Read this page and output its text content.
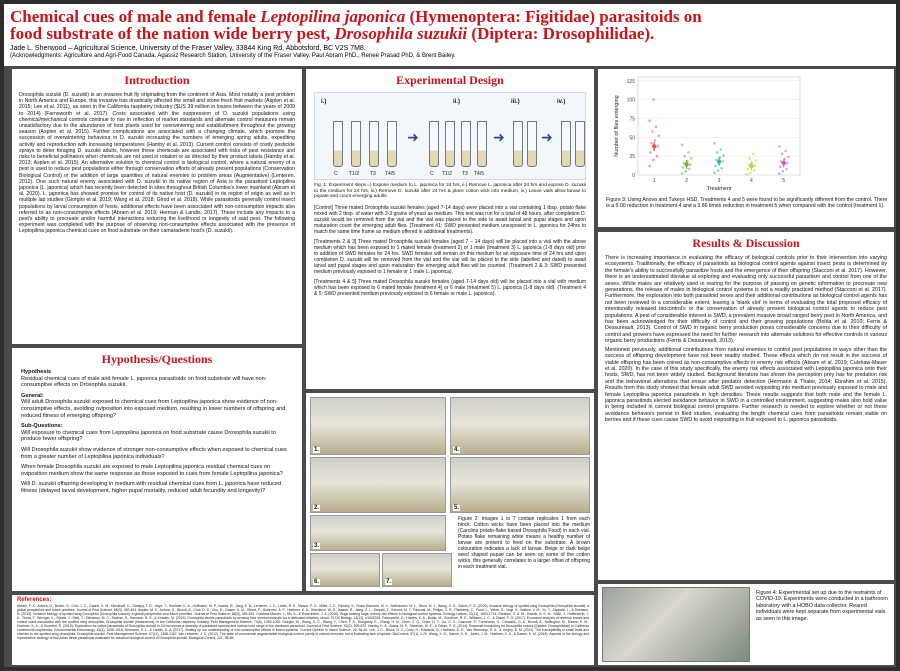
Chemical cues of male and female Leptopilina japonica (Hymenoptera: Figitidae) parasitoids on
food substrate of the nation wide berry pest, Drosophila suzukii (Diptera: Drosophilidae).
Jade L. Sherwood – Agricultural Science, University of the Fraser Valley, 33844 King Rd, Abbotsford, BC V2S 7M8.
(Acknowledgments: Agriculture and Agri-Food Canada, Agassiz Research Station, University of the Fraser Valley, Paul Abram PhD., Renee Prasad PhD, & Brent Bailey.
Introduction

Drosophila suzukii (D. suzukii) is an invasive fruit fly originating from the continent of Asia. Most notably a pest problem in North America and Europe, this invasive has drastically affected the small and stone fresh fruit markets (Asplen et al. 2015; Lee et al. 2011), as seen in the California raspberry industry ($US 39 million in losses between the years of 2009 to 2014) (Farnsworth et al. 2017). Costs associated with the suppression of D. suzukii populations using chemical/mechanical controls continue to rise in reflection of market standards and alternate control measures remain unsatisfactory due to the abundance of host plants used for overwintering and establishment throughout the growing season (Asplen et al. 2015). Further complications are associated with a changing climate, which promote the succession of overwintering behaviour in D. suzukii increasing the numbers of emerging spring adults, expediting activity and reproduction with increasing temperatures (Hamby et al. 2013). Current control consists of costly pesticide sprays to deter foraging D. suzukii adults, however these chemicals are associated with risks of pest resistance and risks to beneficial pollinators when chemicals are not used in rotation or as directed by their product labels (Hamby et al. 2013; Asplen et al. 2015). An alternative solution to chemical control is biological control, where a natural enemy of a pest is used to reduce pest populations either through conservation efforts of already present populations (Conservation Biological Control) or the addition of large quantities of natural enemies to problem areas (Augmentative) (Lenteren. 2012). One such natural enemy associated with D. suzukii in its native region of Asia is the parasitoid Leptopilina japonica (L. japonica) which has recently been detected in sites throughout British Columbia's lower mainland (Abram et al. 2020). L. japonica has showed promise for control of its native host (D. suzukii) in its region of origin as well as in multiple lab studies (Giorgini et al. 2019; Wang et al. 2018; Girod et al. 2018). While parasitoids generally control insect populations by larval consumption of hosts, additional effects have been associated with non-consumption impacts also referred to as non-consumptive effects (Abram et al. 2019; Herman & Landis. 2017). These include any impacts to a pest's ability to procreate and/or harmful interactions reducing the livelihood or longevity of said pest. The following experiment was completed with the purpose of observing non-consumptive effects associated with the presence of Leptopilina japonica chemical cues on food substrate on their camaraderie host's (D. suzukii).

Experimental Design
i.)	ii.)	iii.)	iv.)
C T1/2 T3 T4/5
➜
C T1/2 T3 T4/5
➜	➜
Fig. 1: Experiment steps i.) Expose medium to L. japonica for 24 hrs, ii.) Remove L. japonica after 24 hrs and expose D. suzukii to the medium for 24 hrs, iii.) Remove D. suzukii after 24 hrs & place cotton wick into medium, iv.) Leave vials allow larvae to pupate and count emerging adults.
[Control] Three mated Drosophila suzukii females (aged 7-14 days) were placed into a vial containing 1 tbsp. potato flake mixed with 2 tbsp. of water with 2-3 grains of yeast as medium. This test was run for a total of 48 hours, after completion D. suzukii would be removed from the vial and the vial was placed to the side to await larval and pupal stages and upon maturation count the emerging adult flies. [Treatment #1: SWD presented medium unexposed to L. japonica for 24hrs to match the same time frame as medium offered in additional treatments).
[Treatments 2 & 3] Three mated Drosophila suzukii females (aged 7 – 14 days) will be placed into a vial with the above medium which has been exposed to 1 mated female (treatment 2) or 1 male (treatment 3) L. japonica (1-8 days old) prior to addition of SWD females for 24 hrs. SWD females will remain on this medium for an exposure time of 24 hrs and upon completion D. suzukii will be removed from the vial and the vial will be placed to the side (labelled and dated) to await larval and pupal stages and upon maturation the emerging adult flies will be counted. (Treatment 2 & 3: SWD presented medium previously exposed to 1 female or 1 male L. japonica).
[Treatments 4 & 5] Three mated Drosophila suzukii females (aged 7-14 days old) will be placed into a vial with medium which has been exposed to 6 mated female (treatment 4) or 6 male (treatment 5) L. japonica (1-8 days old). (Treatment 4 & 5: SWD presented medium previously exposed to 6 female or male L. japonica).
0
25
50
75
100
125
1	2	3	4	5
Treatment
Number of flies emerging
Figure 3: Using Anova and Tukeys HSD, Treatments 4 and 5 were found to be significantly different from the control. There is a 5.00 reduction in treatment 4 and a 3.86 times reduction in treatment 5 when compared with the control (treatment 1).
Results & Discussion

There is increasing importance in evaluating the efficacy of biological controls prior to their intervention into varying ecosystems. Traditionally, the efficacy of parasitoids as biological control agents against insect pests is determined by the female's ability to successfully parasitize hosts and the emergence of their offspring (Stacconi et al. 2017). However, there is an underestimated disvalue at exploring and evaluating only successful parasitism and control from one of the sexes. While males are relatively used in rearing for the purpose of passing on genetic information to procreate new generations, the release of males in biological control systems is not a readily practiced method (Stacconi et al. 2017). Furthermore, the exploration into both parasitoid sexes and their additional contributions as biological control agents has not been reviewed to a considerable extent, leaving a 'blank slot' in terms of evaluating the total proposed efficacy of intentionally released biocontrol's or the conservation of already present biological control agents to reduce pest populations. A pest of considerable interest is SWD, a prevalent invasive broad ranged berry pest in North America, and has been acknowledged for their difficulty of control and their growing populations (Bolda et al. 2010; Ferris & Dessureault, 2013). Control of SWD in organic berry production poses considerable concerns due to their difficulty of control and growers have expressed the need for further research into alternate solutions for effective controls in various organic berry productions (Ferris & Dessureault, 2013).

Mentioned previously, additional contributions from natural enemies to control pest populations in ways other than the success of offspring development have not been readily studied. These effects which do not result in the success of viable offspring has been coined as non-consumptive effects or enemy risk effects (Abram et al. 2019; Culshaw-Mauer et al. 2020). In the case of this study specifically, the enemy risk effects associated with Leptopilina japonica onto their hosts, SWD, has not been widely studied. Background literature has shown the perception prey has for predation risk and the behavioral alterations that ensue after predator detection (Hermann & Thaler, 2014; Ebrahim et al. 2015). Results from this study showed that female adult SWD avoided ovipositing into medium previously exposed to male and female Leptopilina japonica parasitoids in high densities. These results suggests that both male and the female L. japonica parasitoids elected avoidance behavior in SWD in a controlled environment, suggesting males also hold value in being included in current biological control programs. Further research is needed to explore whether or not these avoidance behaviors persist in filed studies, evaluating the length chemical cues from parasitoids remain viable on berries and if these cues cause SWD to avoid ovipositing in fruit exposed to L. japonica parasitoids.

Hypothesis/Questions
Hypothesis
Residual chemical cues of male and female L. japonica parasitoids on food substrate will have non-consumptive effects on Drosophila suzukii.
General:
Will adult Drosophila suzukii exposed to chemical cues from Leptopilina japonica show evidence of non-consumptive effects, avoiding oviposition into exposed medium, resulting in lower numbers of offspring and reduced fitness of emerging offspring?
Sub-Questions:
Will exposure to chemical cues from Leptopilina japonica on food substrate cause Drosophila suzukii to produce fewer offspring?
Will Drosophila suzukii show evidence of stronger non-consumptive effects when exposed to chemical cues from a greater number of Leptopilina japonica individuals?
When female Drosophila suzukii are exposed to male Leptopilina japonica residual chemical cues on oviposition medium show the same response as those exposed to cues from female Leptopilina japonica?
Will D. suzukii offspring developing in medium with residual chemical cues from L. japonica have reduced fitness (delayed larval development, higher pupal mortality, reduced adult fecundity and longevity)?
1.
2.
3.
4.
5.
6.	7.
Figure 2: Images 1 to 7 contain replicates 1 from each block. Cotton wicks have been placed into the medium (Carolina potato-flake based Drosophila Food) in each vial. Potato flake remaining white means a healthy number of larvae are present to feed on the substrate. A brown colouration indicates a lack of larvae. Beige or dark beige seed shaped pupae can be seen on some of the cotton wicks, this generally correlates to a larger offset of offspring in each treatment vial.
References:
Abram, P. K., Anfora, G., Boivin, G., Chiu, J. C., Daane, K. M., Dieckhoff, C., Gariepy, T. D., Haye, T., Hoelmer, K. A., Hoffmann, M. P., Isaacs, R., Jang, E. B., Lenteren, J. C., Lewis, R. E., Mason, P. G., Miller, J. C., Pandey, S., Rossi-Stacconi, M. V., Seehausen, M. L., Stout, M. J., Wang, X. G., Zalom, F. G. (2020). Invasive biology of spotted wing Drosophila (Drosophila suzukii): a global perspective and future priorities. Journal of Pest Science, 88(3), 469-494. Asplen, M. K., Anfora, G., Biondi, A., Choi, D. S., Chu, D., Daane, K. M., Gibert, P., Gutierrez, A. P., Hoelmer, K. A., Hutchison, W. D., Isaacs, R., Jiang, Z. L., Kárpáti, Z., Kimura, M. T., Pascual, M., Philips, C. R., Plantamp, C., Ponti, L., Vétek, G., Vogt, H., Walton, V. M., Yu, Y., Zappalà, L., & Desneux, N. (2015). Invasion biology of spotted wing Drosophila (Drosophila suzukii): a global perspective and future priorities. Journal of Pest Science, 88(3), 469-494. Culshaw-Maurer, I., Sih, A., & Rosenheim, J. A. (2020). Bugs scaring bugs: enemy-risk effects in biological control systems. Ecology Letters, 23(11), 1693-1714. Ebrahim, S. A. M., Dweck, H. K. M., Stökl, J., Hofferberth, J. E., Trona, F., Weniger, K., Rybak, J., Seki, Y., Stensmyr, M. C., Sachse, S., Hansson, B. S., & Knaden, M. (2015). Drosophila avoids parasitoids by sensing their semiochemicals via a dedicated olfactory circuit. PLOS Biology, 13(12), e1002318. Farnsworth, D., Hamby, K. A., Bolda, M., Goodhue, R. E., Williams, J. C., & Zalom, F. G. (2017). Economic analysis of revenue losses and control costs associated with the spotted wing drosophila, Drosophila suzukii (Matsumura), in the California raspberry industry. Pest Management Science, 73(6), 1083-1090. Giorgini, M., Wang, X. G., Wang, Y., Chen, F. S., Hougardy, E., Zhang, H. M., Chen, Z. Q., Chen, H. Y., Liu, C. X., Cascone, P., Formisano, G., Carvalho, G. A., Biondi, A., Buffington, M., Daane, K. M., Hoelmer, K. A., & Guerrieri, E. (2019). Exploration for native parasitoids of Drosophila suzukii in China reveals a diversity of parasitoid species and narrow host range of the dominant parasitoid. Journal of Pest Science, 92(2), 509-522. Hamby, K. A., Bolda, M. P., Sheehan, M. E., & Zalom, F. G. (2014). Seasonal monitoring for Drosophila suzukii (Diptera: Drosophilidae) in California commercial raspberries. Environmental Entomology, 43(4), 1008-1018. Hermann, S. L., & Landis, D. A. (2017). Scaling up our understanding of non-consumptive effects in insect systems. Current Opinion in Insect Science, 20, 54-60. Lee, J. C., Bruck, D. J., Curry, H., Edwards, D., Haviland, D. R., Van Steenwyk, R. A., & Yorgey, B. M. (2011). The susceptibility of small fruits and cherries to the spotted-wing drosophila, Drosophila suzukii. Pest Management Science, 67(11), 1358-1367. van Lenteren, J. C. (2012). The state of commercial augmentative biological control: plenty of natural enemies, but a frustrating lack of uptake. BioControl, 57(1), 1-20. Wang, X. G., Nance, A. H., Jones, J. M., Hoelmer, K. A., & Daane, K. M. (2018). Aspects of the biology and reproductive strategy of two Asian larval parasitoids evaluated for classical biological control of Drosophila suzukii. Biological Control, 121, 58-65.
Figure 4: Experimental set up due to the restraints of COVID-19. Experiments were conducted in a bathroom laboratory with a HOBO data collector. Reared individuals were kept separate from experimental vials as seen in this image.
